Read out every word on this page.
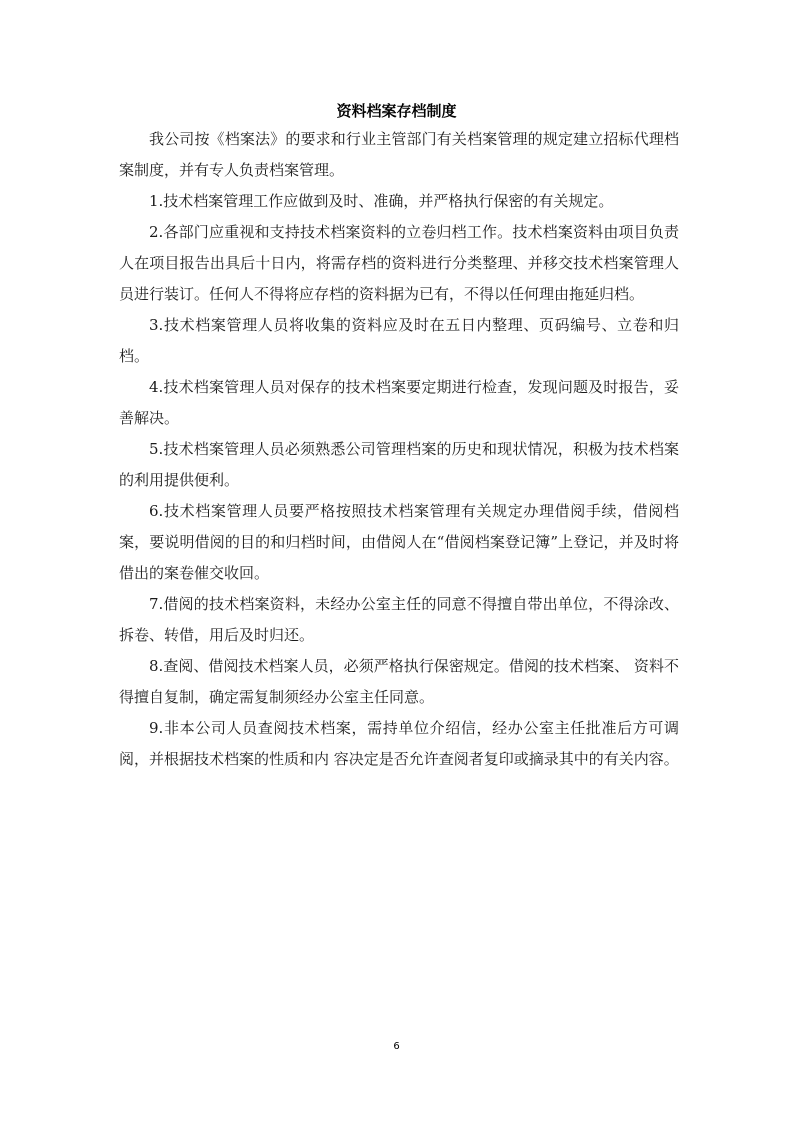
资料档案存档制度

我公司按《档案法》的要求和行业主管部门有关档案管理的规定建立招标代理档案制度，并有专人负责档案管理。

1.技术档案管理工作应做到及时、准确，并严格执行保密的有关规定。

2.各部门应重视和支持技术档案资料的立卷归档工作。技术档案资料由项目负责人在项目报告出具后十日内，将需存档的资料进行分类整理、并移交技术档案管理人员进行装订。任何人不得将应存档的资料据为已有，不得以任何理由拖延归档。

3.技术档案管理人员将收集的资料应及时在五日内整理、页码编号、立卷和归档。

4.技术档案管理人员对保存的技术档案要定期进行检查，发现问题及时报告，妥善解决。

5.技术档案管理人员必须熟悉公司管理档案的历史和现状情况，积极为技术档案的利用提供便利。

6.技术档案管理人员要严格按照技术档案管理有关规定办理借阅手续，借阅档案，要说明借阅的目的和归档时间，由借阅人在“借阅档案登记簿”上登记，并及时将借出的案卷催交收回。

7.借阅的技术档案资料，未经办公室主任的同意不得擅自带出单位，不得涂改、拆卷、转借，用后及时归还。

8.查阅、借阅技术档案人员，必须严格执行保密规定。借阅的技术档案、 资料不得擅自复制，确定需复制须经办公室主任同意。

9.非本公司人员查阅技术档案，需持单位介绍信，经办公室主任批准后方可调阅，并根据技术档案的性质和内 容决定是否允许查阅者复印或摘录其中的有关内容。

6
